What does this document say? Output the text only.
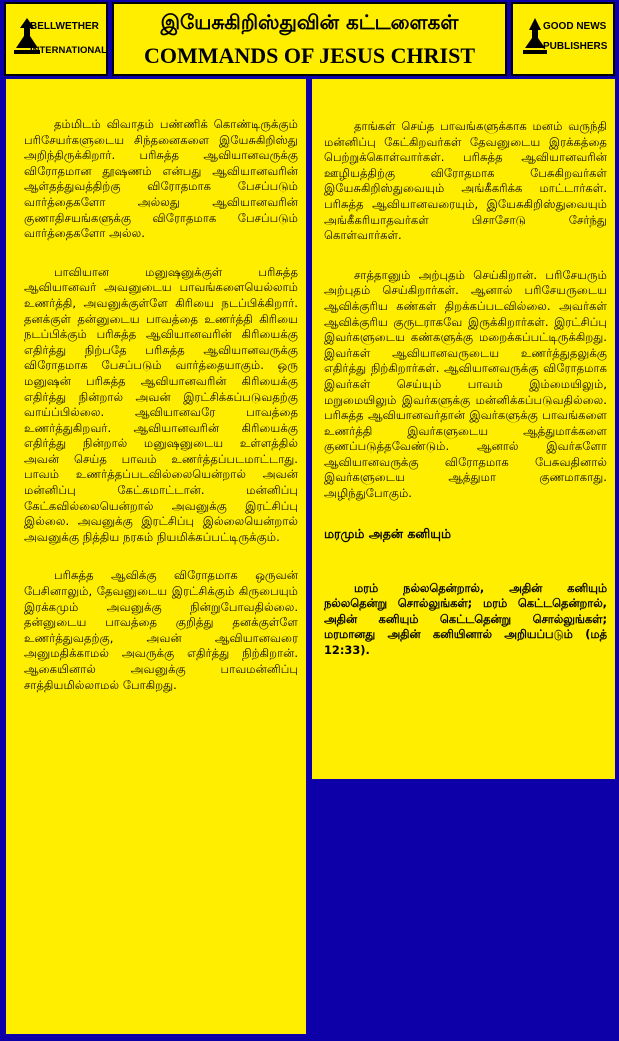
BELLWETHER
INTERNATIONAL
இயேசுகிறிஸ்துவின் கட்டளைகள்
COMMANDS OF JESUS CHRIST
GOOD NEWS
PUBLISHERS

தம்மிடம் விவாதம் பண்ணிக் கொண்டிருக்கும் பரிசேயர்களுடைய சிந்தனைகளை இயேசுகிறிஸ்து அறிந்திருக்கிறார். பரிசுத்த ஆவியானவருக்கு விரோதமான தூஷணம் என்பது ஆவியானவரின் ஆள்தத்துவத்திற்கு விரோதமாக பேசப்படும் வார்த்தைகளோ அல்லது ஆவியானவரின் குணாதிசயங்களுக்கு விரோதமாக பேசப்படும் வார்த்தைகளோ அல்ல.

பாவியான மனுஷனுக்குள் பரிசுத்த ஆவியானவர் அவனுடைய பாவங்களையெல்லாம் உணர்த்தி, அவனுக்குள்ளே கிரியை நடப்பிக்கிறார். தனக்குள் தன்னுடைய பாவத்தை உணர்த்தி கிரியை நடப்பிக்கும் பரிசுத்த ஆவியானவரின் கிரியைக்கு எதிர்த்து நிற்பதே பரிசுத்த ஆவியானவருக்கு விரோதமாக பேசப்படும் வார்த்தையாகும். ஒரு மனுஷன் பரிசுத்த ஆவியானவரின் கிரியைக்கு எதிர்த்து நின்றால் அவன் இரட்சிக்கப்படுவதற்கு வாய்ப்பில்லை. ஆவியானவரே பாவத்தை உணர்த்துகிறவர். ஆவியானவரின் கிரியைக்கு எதிர்த்து நின்றால் மனுஷனுடைய உள்ளத்தில் அவன் செய்த பாவம் உணர்த்தப்படமாட்டாது. பாவம் உணர்த்தப்படவில்லையென்றால் அவன் மன்னிப்பு கேட்கமாட்டான். மன்னிப்பு கேட்கவில்லையென்றால் அவனுக்கு இரட்சிப்பு இல்லை. அவனுக்கு இரட்சிப்பு இல்லையென்றால் அவனுக்கு நித்திய நரகம் நியமிக்கப்பட்டிருக்கும்.

பரிசுத்த ஆவிக்கு விரோதமாக ஒருவன் பேசினாலும், தேவனுடைய இரட்சிக்கும் கிருபையும் இரக்கமும் அவனுக்கு நின்றுபோவதில்லை. தன்னுடைய பாவத்தை குறித்து தனக்குள்ளே உணர்த்துவதற்கு, அவன் ஆவியானவரை அனுமதிக்காமல் அவருக்கு எதிர்த்து நிற்கிறான். ஆகையினால் அவனுக்கு பாவமன்னிப்பு சாத்தியமில்லாமல் போகிறது.

தாங்கள் செய்த பாவங்களுக்காக மனம் வருந்தி மன்னிப்பு கேட்கிறவர்கள் தேவனுடைய இரக்கத்தை பெற்றுக்கொள்வார்கள். பரிசுத்த ஆவியானவரின் ஊழியத்திற்கு விரோதமாக பேசுகிறவர்கள் இயேசுகிறிஸ்துவையும் அங்கீகரிக்க மாட்டார்கள். பரிசுத்த ஆவியானவரையும், இயேசுகிறிஸ்துவையும் அங்கீகரியாதவர்கள் பிசாசோடு சேர்ந்து கொள்வார்கள்.

சாத்தானும் அற்புதம் செய்கிறான். பரிசேயரும் அற்புதம் செய்கிறார்கள். ஆனால் பரிசேயருடைய ஆவிக்குரிய கண்கள் திறக்கப்படவில்லை. அவர்கள் ஆவிக்குரிய குருடராகவே இருக்கிறார்கள். இரட்சிப்பு இவர்களுடைய கண்களுக்கு மறைக்கப்பட்டிருக்கிறது. இவர்கள் ஆவியானவருடைய உணர்த்துதலுக்கு எதிர்த்து நிற்கிறார்கள். ஆவியானவருக்கு விரோதமாக இவர்கள் செய்யும் பாவம் இம்மையிலும், மறுமையிலும் இவர்களுக்கு மன்னிக்கப்படுவதில்லை. பரிசுத்த ஆவியானவர்தான் இவர்களுக்கு பாவங்களை உணர்த்தி இவர்களுடைய ஆத்துமாக்களை குணப்படுத்தவேண்டும். ஆனால் இவர்களோ ஆவியானவருக்கு விரோதமாக பேசுவதினால் இவர்களுடைய ஆத்துமா குணமாகாது. அழிந்துபோகும்.

மரமும் அதன் கனியும்

மரம் நல்லதென்றால், அதின் கனியும் நல்லதென்று சொல்லுங்கள்; மரம் கெட்டதென்றால், அதின் கனியும் கெட்டதென்று சொல்லுங்கள்; மரமானது அதின் கனியினால் அறியப்படும் (மத் 12:33).
